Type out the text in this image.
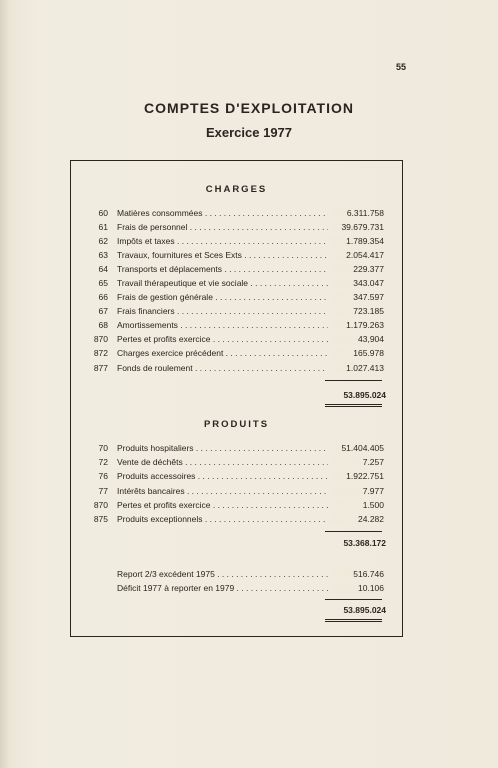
55
COMPTES D'EXPLOITATION
Exercice 1977
CHARGES
60 Matières consommées . . .	6.311.758
61 Frais de personnel . . .	39.679.731
62 Impôts et taxes . . .	1.789.354
63 Travaux, fournitures et Sces Exts . . .	2.054.417
64 Transports et déplacements . . .	229.377
65 Travail thérapeutique et vie sociale . . .	343.047
66 Frais de gestion générale . . .	347.597
67 Frais financiers . . .	723.185
68 Amortissements . . .	1.179.263
870 Pertes et profits exercice . . .	43,904
872 Charges exercice précédent . . .	165.978
877 Fonds de roulement . . .	1.027.413
53.895.024
PRODUITS
70 Produits hospitaliers . . .	51.404.405
72 Vente de déchêts . . .	7.257
76 Produits accessoires . . .	1.922.751
77 Intérêts bancaires . . .	7.977
870 Pertes et profits exercice . . .	1.500
875 Produits exceptionnels . . .	24.282
53.368.172
Report 2/3 excédent 1975 . . .	516.746
Déficit 1977 à reporter en 1979 . . .	10.106
53.895.024
